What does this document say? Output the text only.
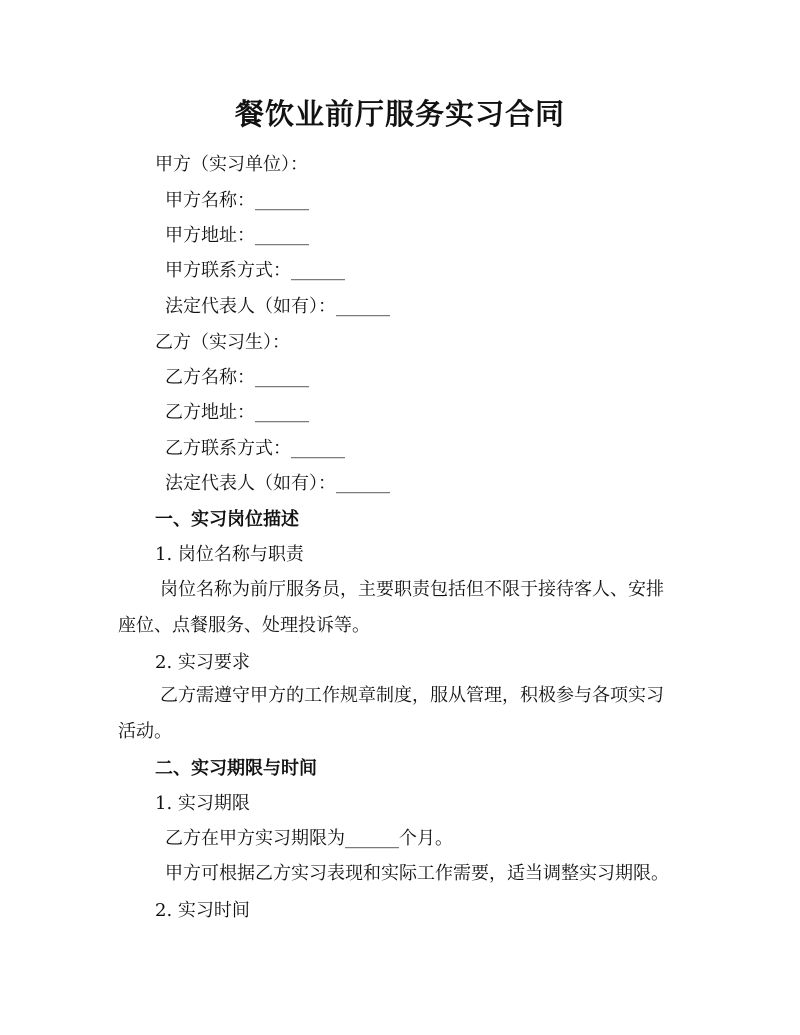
餐饮业前厅服务实习合同
甲方（实习单位）：
甲方名称：______
甲方地址：______
甲方联系方式：______
法定代表人（如有）：______
乙方（实习生）：
乙方名称：______
乙方地址：______
乙方联系方式：______
法定代表人（如有）：______
一、实习岗位描述
1. 岗位名称与职责
岗位名称为前厅服务员，主要职责包括但不限于接待客人、安排
座位、点餐服务、处理投诉等。
2. 实习要求
乙方需遵守甲方的工作规章制度，服从管理，积极参与各项实习
活动。
二、实习期限与时间
1. 实习期限
乙方在甲方实习期限为______个月。
甲方可根据乙方实习表现和实际工作需要，适当调整实习期限。
2. 实习时间
